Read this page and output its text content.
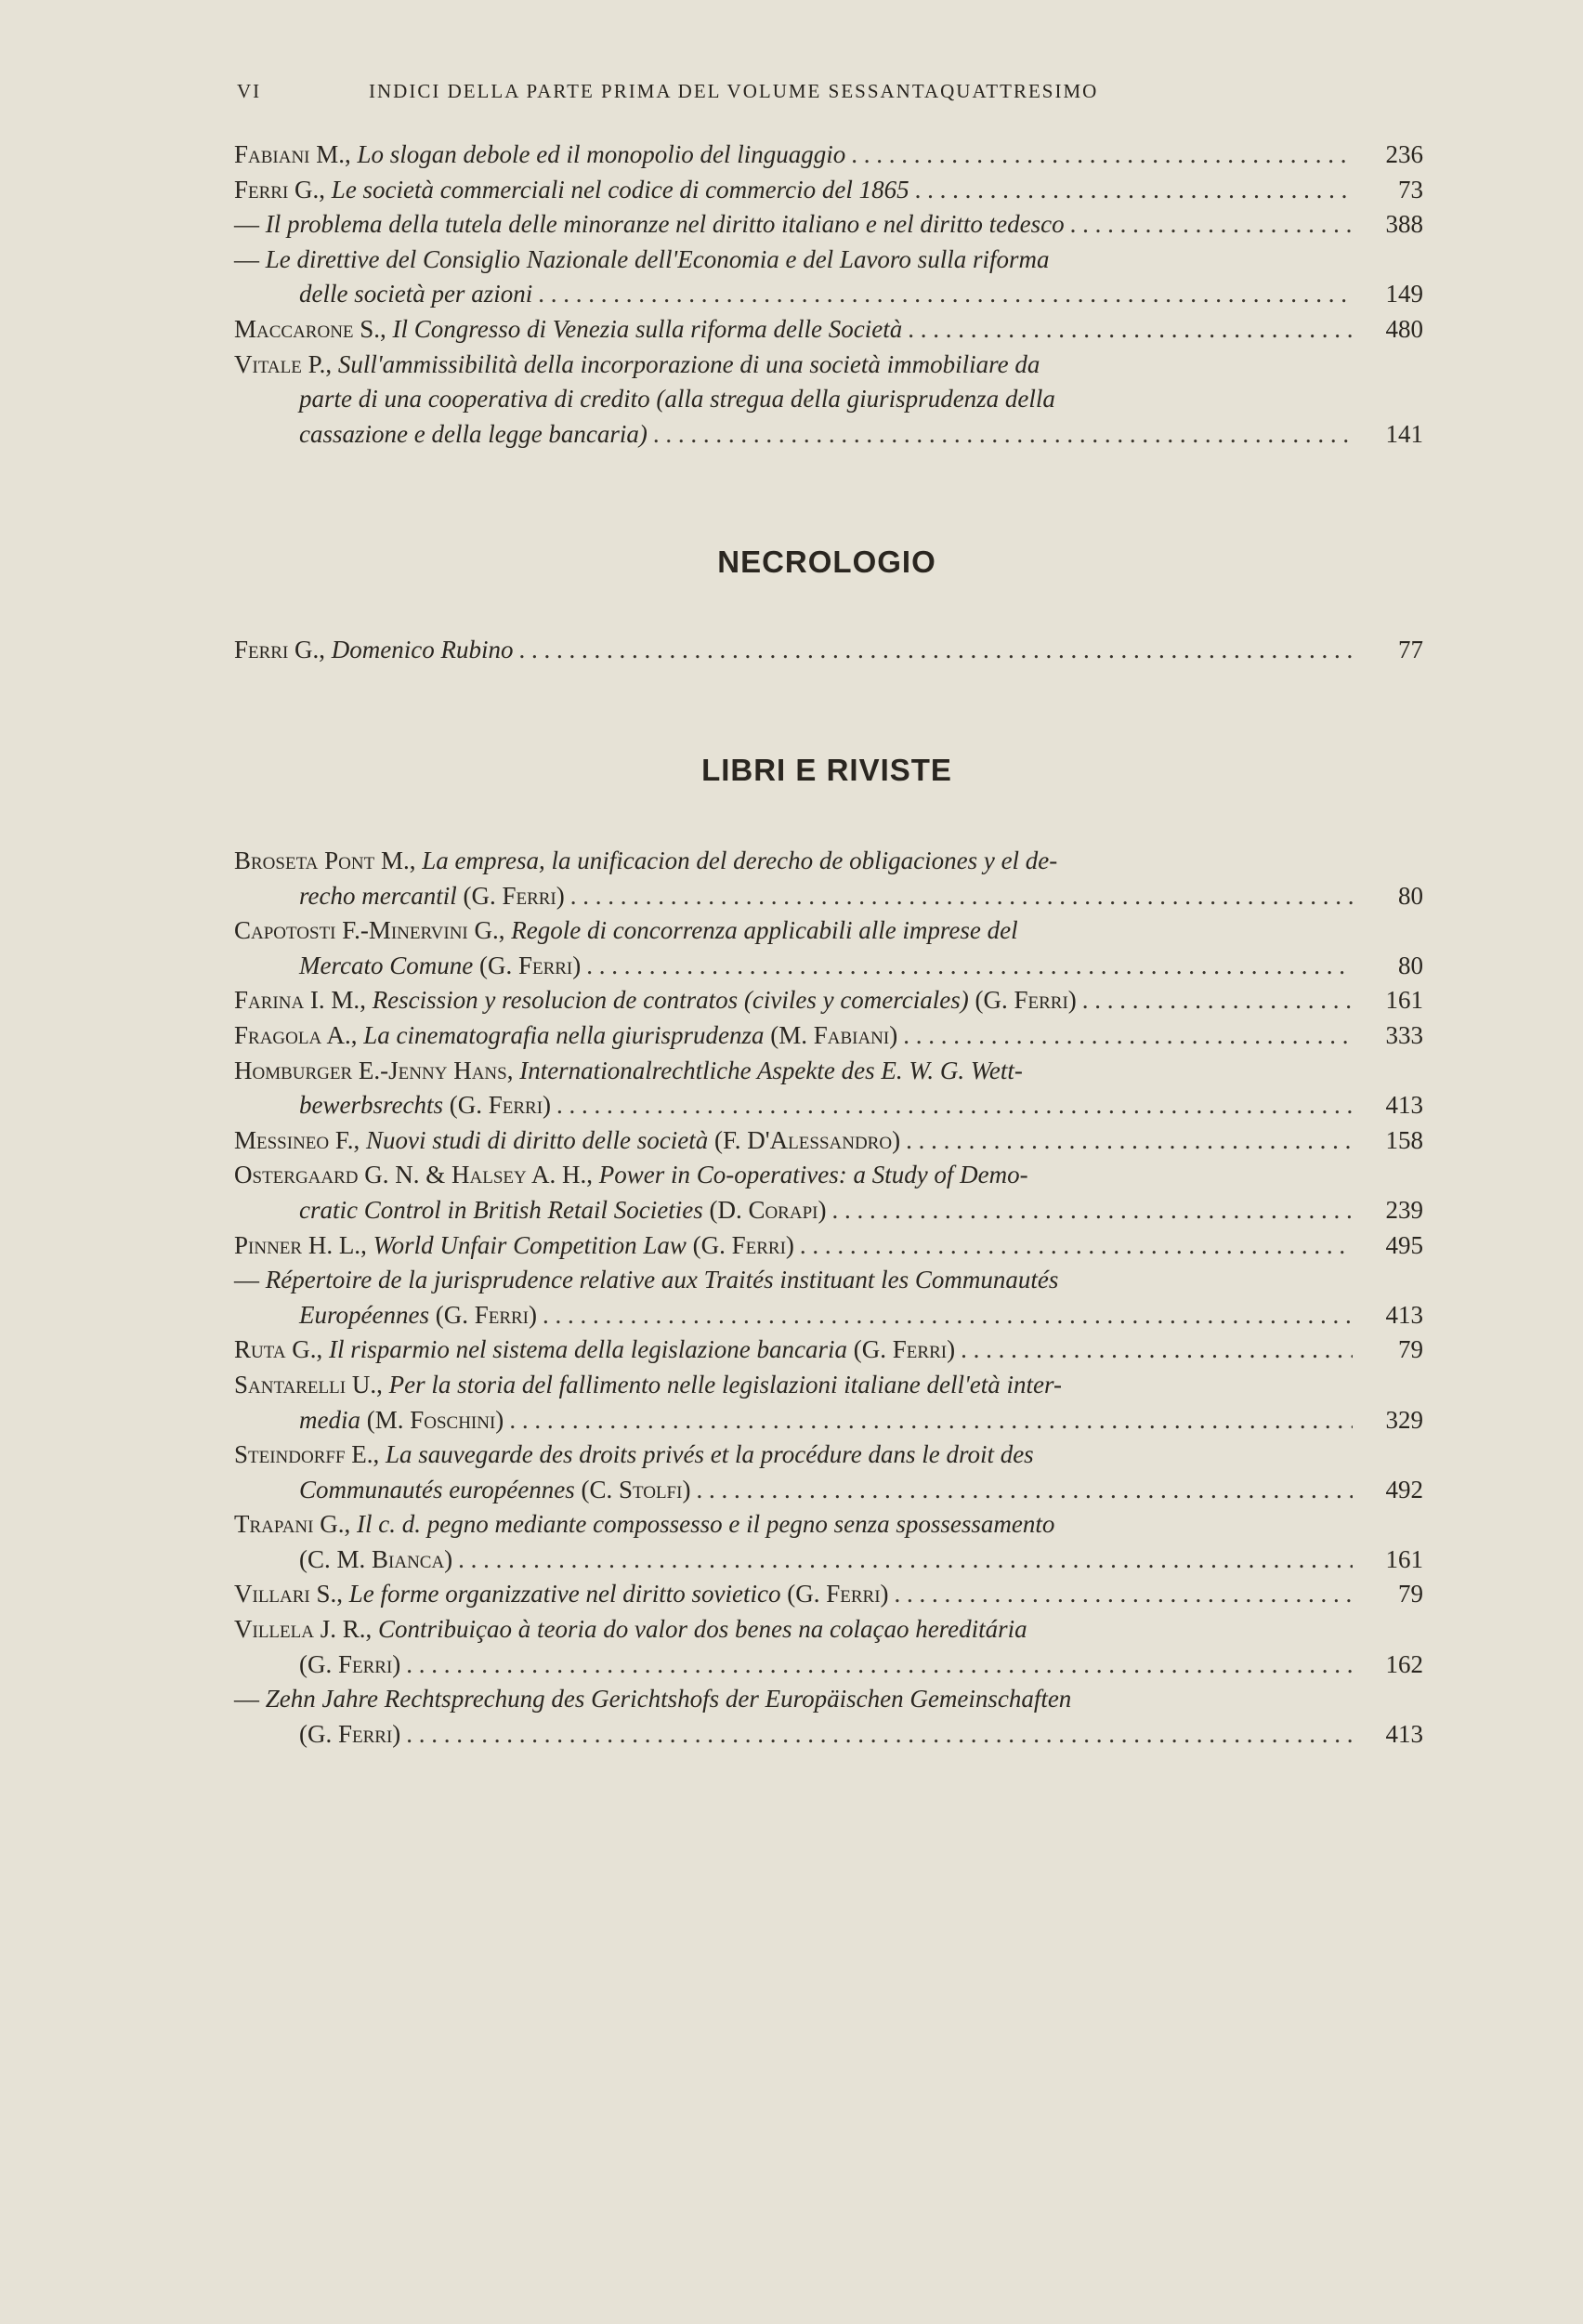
VI	INDICI DELLA PARTE PRIMA DEL VOLUME SESSANTAQUATTRESIMO
Fabiani M., Lo slogan debole ed il monopolio del linguaggio . . .	236
Ferri G., Le società commerciali nel codice di commercio del 1865 . . .	73
— Il problema della tutela delle minoranze nel diritto italiano e nel diritto tedesco . . .	388
— Le direttive del Consiglio Nazionale dell'Economia e del Lavoro sulla riforma
delle società per azioni . . .	149
Maccarone S., Il Congresso di Venezia sulla riforma delle Società . . .	480
Vitale P., Sull'ammissibilità della incorporazione di una società immobiliare da
parte di una cooperativa di credito (alla stregua della giurisprudenza della
cassazione e della legge bancaria) . . .	141
NECROLOGIO
Ferri G., Domenico Rubino . . .	77
LIBRI E RIVISTE
Broseta Pont M., La empresa, la unificacion del derecho de obligaciones y el de-
recho mercantil (G. Ferri) . . .	80
Capotosti F.-Minervini G., Regole di concorrenza applicabili alle imprese del
Mercato Comune (G. Ferri) . . .	80
Farina I. M., Rescission y resolucion de contratos (civiles y comerciales) (G. Ferri) . . .	161
Fragola A., La cinematografia nella giurisprudenza (M. Fabiani) . . .	333
Homburger E.-Jenny Hans, Internationalrechtliche Aspekte des E. W. G. Wett-
bewerbsrechts (G. Ferri) . . .	413
Messineo F., Nuovi studi di diritto delle società (F. D'Alessandro) . . .	158
Ostergaard G. N. & Halsey A. H., Power in Co-operatives: a Study of Demo-
cratic Control in British Retail Societies (D. Corapi) . . .	239
Pinner H. L., World Unfair Competition Law (G. Ferri) . . .	495
— Répertoire de la jurisprudence relative aux Traités instituant les Communautés
Européennes (G. Ferri) . . .	413
Ruta G., Il risparmio nel sistema della legislazione bancaria (G. Ferri) . . .	79
Santarelli U., Per la storia del fallimento nelle legislazioni italiane dell'età inter-
media (M. Foschini) . . .	329
Steindorff E., La sauvegarde des droits privés et la procédure dans le droit des
Communautés européennes (C. Stolfi) . . .	492
Trapani G., Il c. d. pegno mediante compossesso e il pegno senza spossessamento
(C. M. Bianca) . . .	161
Villari S., Le forme organizzative nel diritto sovietico (G. Ferri) . . .	79
Villela J. R., Contribuiçao à teoria do valor dos benes na colaçao hereditária
(G. Ferri) . . .	162
— Zehn Jahre Rechtsprechung des Gerichtshofs der Europäischen Gemeinschaften
(G. Ferri) . . .	413
